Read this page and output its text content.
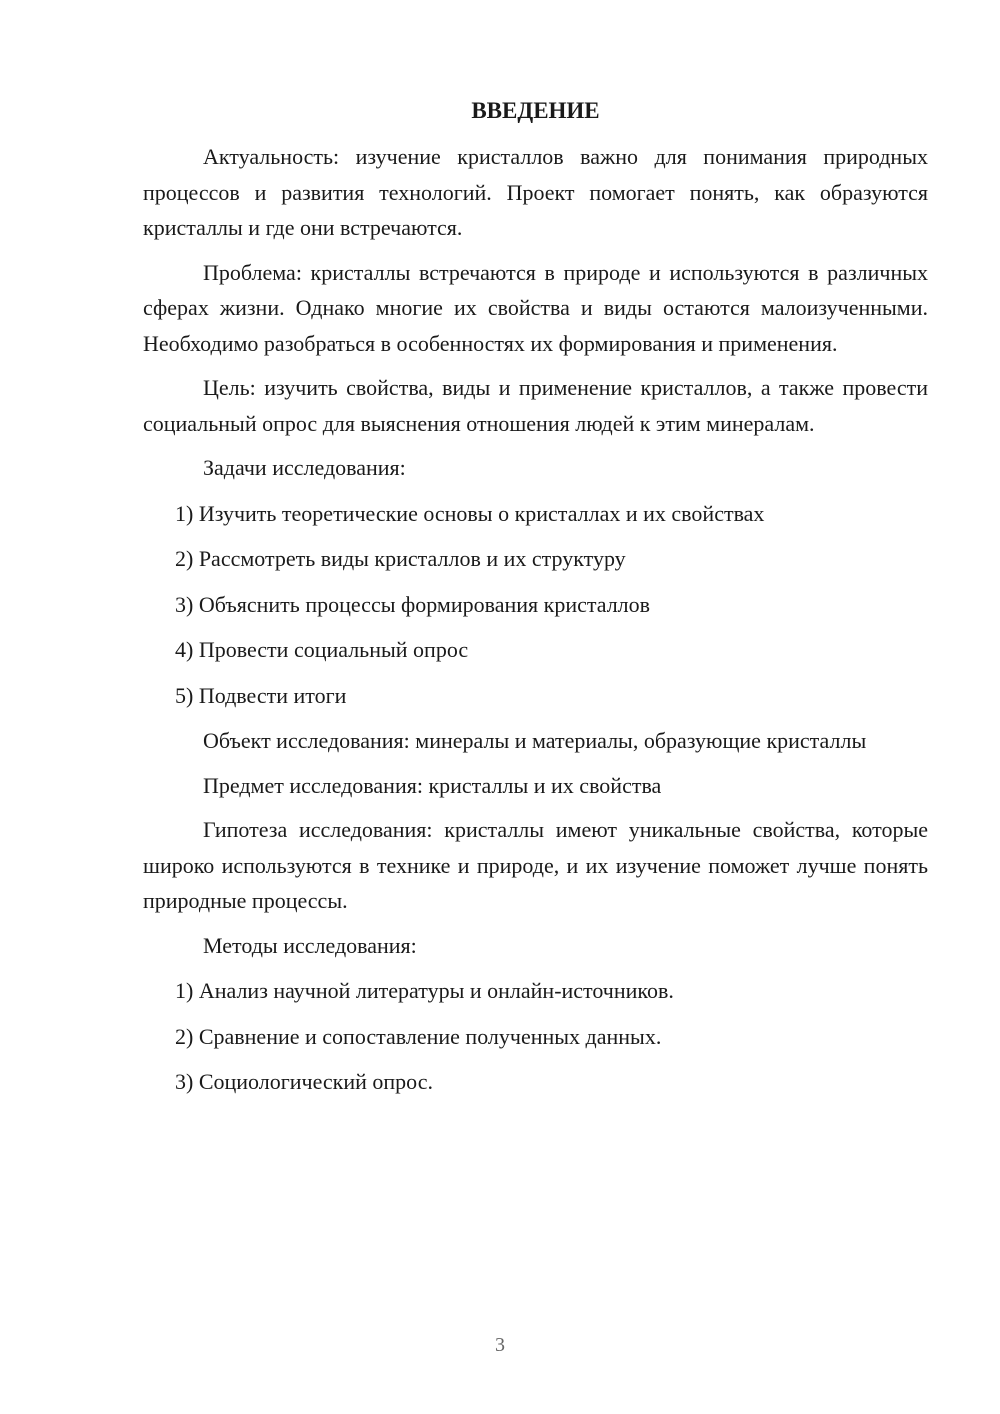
ВВЕДЕНИЕ

Актуальность: изучение кристаллов важно для понимания природных процессов и развития технологий. Проект помогает понять, как образуются кристаллы и где они встречаются.

Проблема: кристаллы встречаются в природе и используются в различных сферах жизни. Однако многие их свойства и виды остаются малоизученными. Необходимо разобраться в особенностях их формирования и применения.

Цель: изучить свойства, виды и применение кристаллов, а также провести социальный опрос для выяснения отношения людей к этим минералам.

Задачи исследования:

1) Изучить теоретические основы о кристаллах и их свойствах
2) Рассмотреть виды кристаллов и их структуру
3) Объяснить процессы формирования кристаллов
4) Провести социальный опрос
5) Подвести итоги

Объект исследования: минералы и материалы, образующие кристаллы

Предмет исследования: кристаллы и их свойства

Гипотеза исследования: кристаллы имеют уникальные свойства, которые широко используются в технике и природе, и их изучение поможет лучше понять природные процессы.

Методы исследования:

1) Анализ научной литературы и онлайн-источников.
2) Сравнение и сопоставление полученных данных.
3) Социологический опрос.
3
